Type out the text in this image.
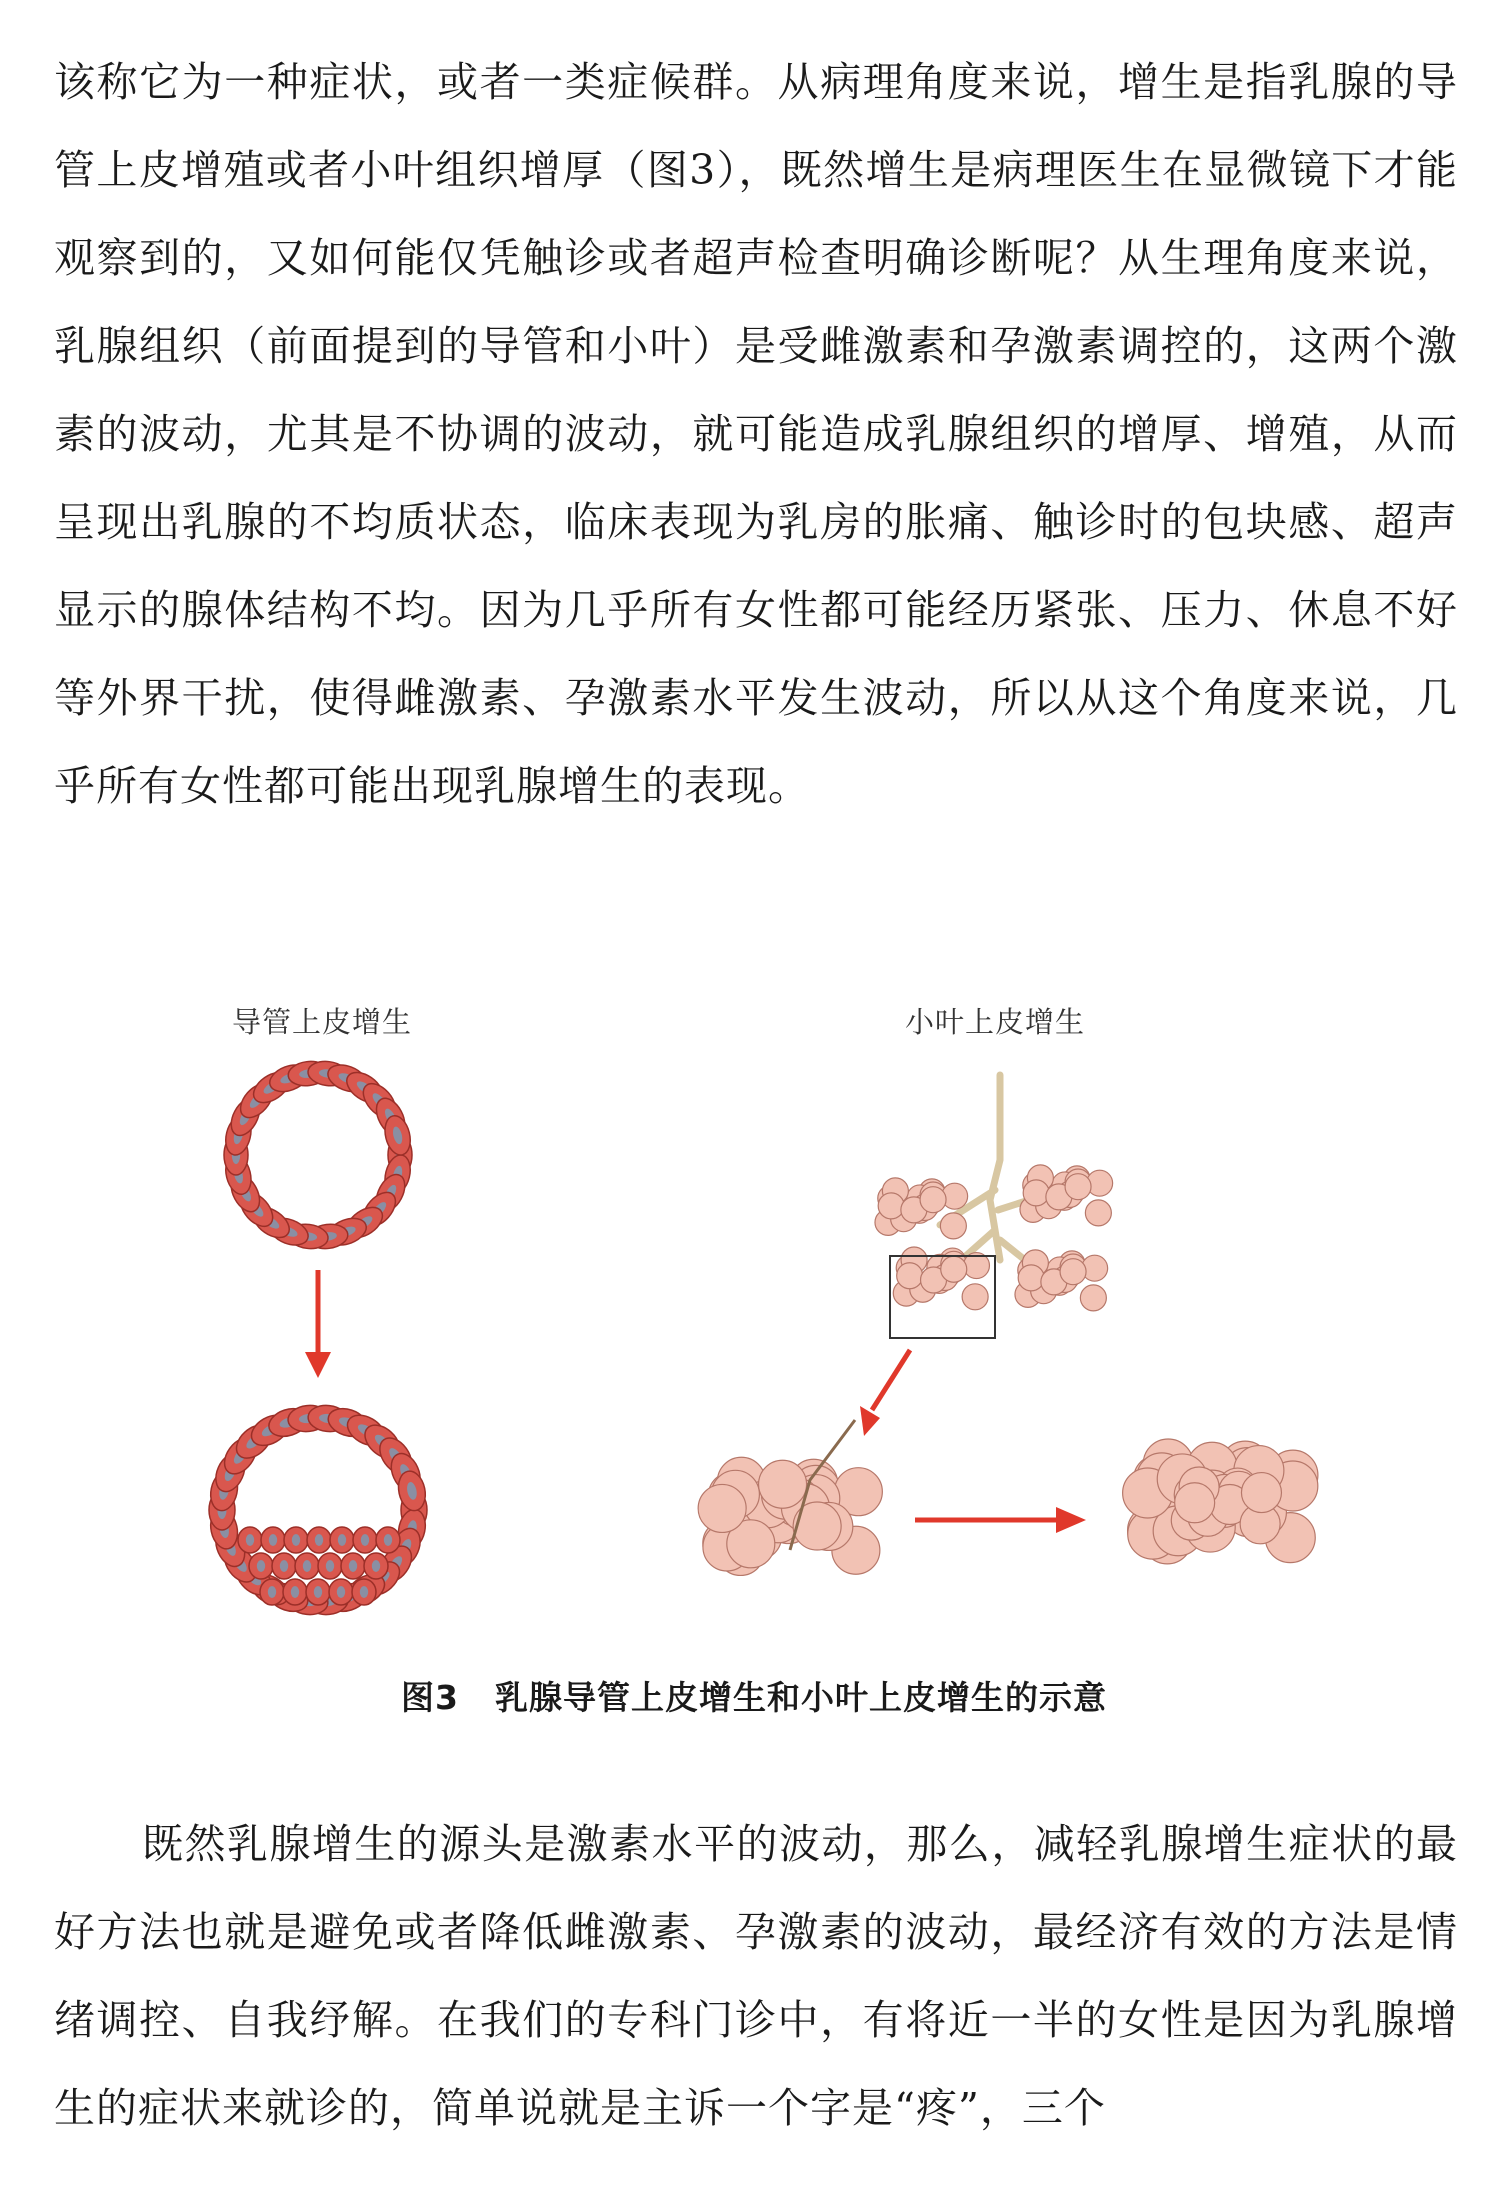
该称它为一种症状，或者一类症候群。从病理角度来说，增生是指乳腺的导管上皮增殖或者小叶组织增厚（图3），既然增生是病理医生在显微镜下才能观察到的，又如何能仅凭触诊或者超声检查明确诊断呢？从生理角度来说，乳腺组织（前面提到的导管和小叶）是受雌激素和孕激素调控的，这两个激素的波动，尤其是不协调的波动，就可能造成乳腺组织的增厚、增殖，从而呈现出乳腺的不均质状态，临床表现为乳房的胀痛、触诊时的包块感、超声显示的腺体结构不均。因为几乎所有女性都可能经历紧张、压力、休息不好等外界干扰，使得雌激素、孕激素水平发生波动，所以从这个角度来说，几乎所有女性都可能出现乳腺增生的表现。

导管上皮增生	小叶上皮增生
图3 乳腺导管上皮增生和小叶上皮增生的示意

既然乳腺增生的源头是激素水平的波动，那么，减轻乳腺增生症状的最好方法也就是避免或者降低雌激素、孕激素的波动，最经济有效的方法是情绪调控、自我纾解。在我们的专科门诊中，有将近一半的女性是因为乳腺增生的症状来就诊的，简单说就是主诉一个字是“疼”，三个
